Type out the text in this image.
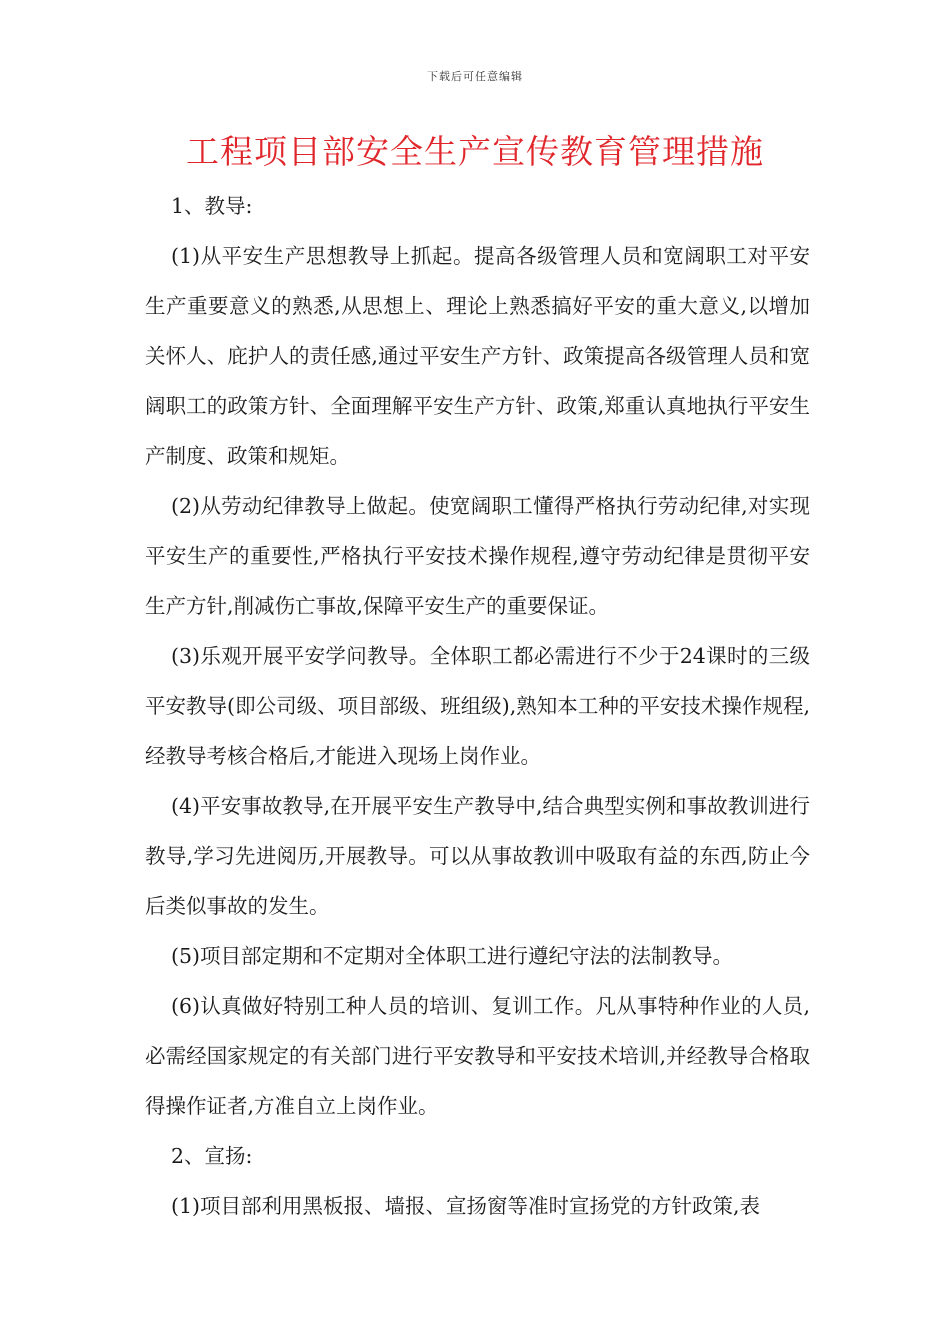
下载后可任意编辑
工程项目部安全生产宣传教育管理措施

1、教导:

(1)从平安生产思想教导上抓起。提高各级管理人员和宽阔职工对平安生产重要意义的熟悉,从思想上、理论上熟悉搞好平安的重大意义,以增加关怀人、庇护人的责任感,通过平安生产方针、政策提高各级管理人员和宽阔职工的政策方针、全面理解平安生产方针、政策,郑重认真地执行平安生产制度、政策和规矩。

(2)从劳动纪律教导上做起。使宽阔职工懂得严格执行劳动纪律,对实现平安生产的重要性,严格执行平安技术操作规程,遵守劳动纪律是贯彻平安生产方针,削减伤亡事故,保障平安生产的重要保证。

(3)乐观开展平安学问教导。全体职工都必需进行不少于24课时的三级平安教导(即公司级、项目部级、班组级),熟知本工种的平安技术操作规程,经教导考核合格后,才能进入现场上岗作业。

(4)平安事故教导,在开展平安生产教导中,结合典型实例和事故教训进行教导,学习先进阅历,开展教导。可以从事故教训中吸取有益的东西,防止今后类似事故的发生。

(5)项目部定期和不定期对全体职工进行遵纪守法的法制教导。

(6)认真做好特别工种人员的培训、复训工作。凡从事特种作业的人员,必需经国家规定的有关部门进行平安教导和平安技术培训,并经教导合格取得操作证者,方准自立上岗作业。

2、宣扬:

(1)项目部利用黑板报、墙报、宣扬窗等准时宣扬党的方针政策,表
